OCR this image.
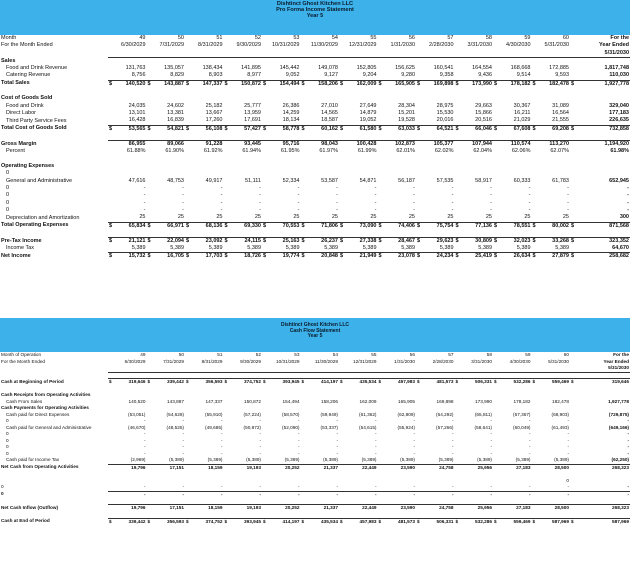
Dishtinct Ghost Kitchen LLC
Pro Forma Income Statement
Year 5
Month	49	50	51	52	53	54	55	56	57	58	59	60	For the
For the Month Ended	6/30/2029	7/31/2029	8/31/2029	9/30/2029	10/31/2029	11/30/2029	12/31/2029	1/31/2030	2/28/2030	3/31/2030	4/30/2030	5/31/2030	Year Ended
													5/31/2030
Sales													
Food and Drink Revenue	131,763	135,057	138,434	141,895	145,442	149,078	152,805	156,625	160,541	164,554	168,668	172,885	1,817,748
Catering Revenue	8,756	8,829	8,903	8,977	9,052	9,127	9,204	9,280	9,358	9,436	9,514	9,593	110,030
Total Sales	$ 140,520	$ 143,887	$ 147,337	$ 150,872	$ 154,494	$ 158,206	$ 162,009	$ 165,905	$ 169,898	$ 173,990	$ 178,182	$ 182,478	$ 1,927,778

Cost of Goods Sold													
Food and Drink	24,035	24,602	25,182	25,777	26,386	27,010	27,649	28,304	28,975	29,663	30,367	31,089	329,040
Direct Labor	13,101	13,381	13,667	13,959	14,259	14,565	14,879	15,201	15,530	15,866	16,211	16,564	177,183
Third Party Service Fees	16,428	16,839	17,260	17,691	18,134	18,587	19,052	19,528	20,016	20,516	21,029	21,555	226,635
Total Cost of Goods Sold	$ 53,565	$ 54,821	$ 56,108	$ 57,427	$ 58,778	$ 60,162	$ 61,580	$ 63,033	$ 64,521	$ 66,046	$ 67,608	$ 69,208	$ 732,858

Gross Margin	86,955	89,066	91,228	93,445	95,716	98,043	100,428	102,873	105,377	107,944	110,574	113,270	1,194,920
Percent	61.88%	61.90%	61.92%	61.94%	61.95%	61.97%	61.99%	62.01%	62.02%	62.04%	62.06%	62.07%	61.98%

Operating Expenses													
0													
General and Administrative	47,616	48,753	49,917	51,111	52,334	53,587	54,871	56,187	57,535	58,917	60,333	61,783	652,945
0	-	-	-	-	-	-	-	-	-	-	-	-	-
0	-	-	-	-	-	-	-	-	-	-	-	-	-
0	-	-	-	-	-	-	-	-	-	-	-	-	-
0	-	-	-	-	-	-	-	-	-	-	-	-	-
Depreciation and Amortization	25	25	25	25	25	25	25	25	25	25	25	25	300
Total Operating Expenses	$ 65,834	$ 66,971	$ 68,136	$ 69,330	$ 70,553	$ 71,806	$ 73,090	$ 74,406	$ 75,754	$ 77,136	$ 78,551	$ 80,002	$ 871,568

Pre-Tax Income	$ 21,121	$ 22,094	$ 23,092	$ 24,115	$ 25,163	$ 26,237	$ 27,338	$ 28,467	$ 29,623	$ 30,809	$ 32,023	$ 33,268	$ 323,352
Income Tax	5,389	5,389	5,389	5,389	5,389	5,389	5,389	5,389	5,389	5,389	5,389	5,389	64,670
Net Income	$ 15,732	$ 16,705	$ 17,703	$ 18,726	$ 19,774	$ 20,848	$ 21,949	$ 23,078	$ 24,234	$ 25,419	$ 26,634	$ 27,879	$ 258,682
Dishtinct Ghost Kitchen LLC
Cash Flow Statement
Year 5
Month of Operation	49	50	51	52	53	54	55	56	57	58	59	60	For the
For the Month Ended	6/30/2029	7/31/2029	8/31/2029	9/30/2029	10/31/2029	11/30/2029	12/31/2029	1/31/2030	2/28/2030	3/31/2030	4/30/2030	5/31/2030	Year Ended
													5/31/2030

Cash at Beginning of Period	$ 319,646	$ 339,442	$ 356,593	$ 374,752	$ 393,945	$ 414,197	$ 435,534	$ 457,983	$ 481,573	$ 506,331	$ 532,286	$ 559,469	$ 319,646

Cash Receipts from Operating Activities													
Cash From Sales	140,520	143,887	147,337	150,872	154,494	158,206	162,009	165,905	169,898	173,990	178,182	182,478	1,927,778
Cash Payments for Operating Activities													
Cash paid for Direct Expenses	(53,051)	(54,628)	(55,910)	(57,224)	(58,570)	(59,949)	(61,362)	(62,809)	(64,292)	(65,811)	(67,367)	(68,903)	(729,875)
0	-	-	-	-	-	-	-	-	-	-	-	-	-
Cash paid for General and Administrative	(46,670)	(48,525)	(49,685)	(50,872)	(52,090)	(53,337)	(54,615)	(55,924)	(57,266)	(58,641)	(60,049)	(61,493)	(649,166)
0	-	-	-	-	-	-	-	-	-	-	-	-	-
0	-	-	-	-	-	-	-	-	-	-	-	-	-
0	-	-	-	-	-	-	-	-	-	-	-	-	-
0	-	-	-	-	-	-	-	-	-	-	-	-	-
Cash paid for Income Tax	(2,969)	(5,389)	(5,389)	(5,389)	(5,389)	(5,389)	(5,389)	(5,389)	(5,389)	(5,389)	(5,389)	(5,389)	(62,250)
Net Cash from Operating Activities	19,796	17,151	18,159	19,193	20,252	21,337	22,449	23,590	24,758	25,956	27,183	28,500	268,323

												0	
0	-	-	-	-	-	-	-	-	-	-	-	-	-
0	-	-	-	-	-	-	-	-	-	-	-	-	-

Net Cash Inflow (Outflow)	19,796	17,151	18,159	19,193	20,252	21,337	22,449	23,590	24,758	25,956	27,183	28,500	268,323

Cash at End of Period	$ 339,442	$ 356,593	$ 374,752	$ 393,945	$ 414,197	$ 435,534	$ 457,983	$ 481,573	$ 506,331	$ 532,286	$ 559,469	$ 587,969	$ 587,969
